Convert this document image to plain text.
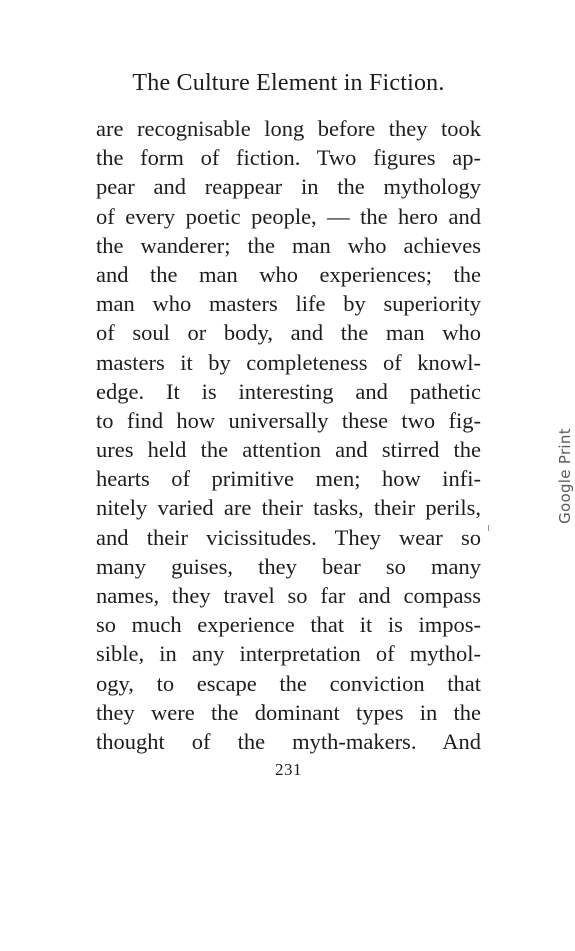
The Culture Element in Fiction.
are recognisable long before they took
the form of fiction. Two figures ap-
pear and reappear in the mythology
of every poetic people, — the hero and
the wanderer; the man who achieves
and the man who experiences; the
man who masters life by superiority
of soul or body, and the man who
masters it by completeness of knowl-
edge. It is interesting and pathetic
to find how universally these two fig-
ures held the attention and stirred the
hearts of primitive men; how infi-
nitely varied are their tasks, their perils,
and their vicissitudes. They wear so
many guises, they bear so many
names, they travel so far and compass
so much experience that it is impos-
sible, in any interpretation of mythol-
ogy, to escape the conviction that
they were the dominant types in the
thought of the myth-makers. And
231
Google Print
